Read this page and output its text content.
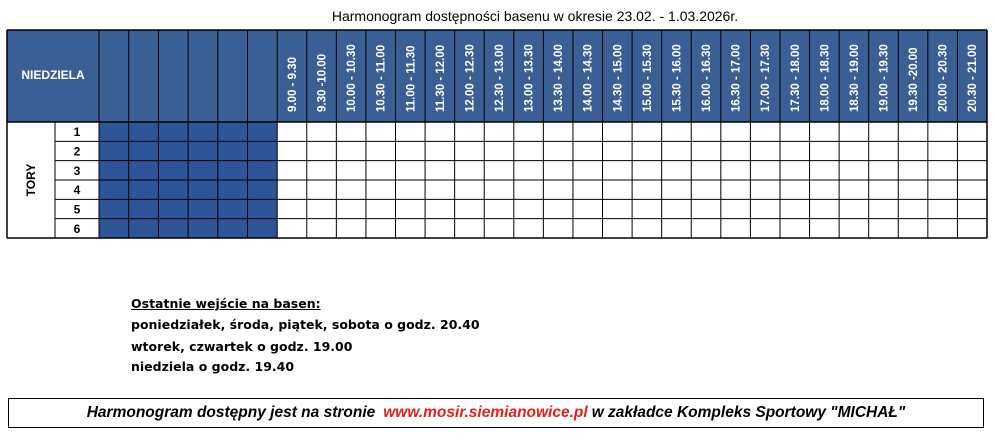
Harmonogram dostępności basenu w okresie 23.02. - 1.03.2026r.
NIEDZIELA	9.00 - 9.30 9.30 -10.00 10.00 - 10.30 10.30 - 11.00 11.00 - 11.30 11.30 - 12.00 12.00 - 12.30 12.30 - 13.00 13.00 - 13.30 13.30 - 14.00 14.00 - 14.30 14.30 - 15.00 15.00 - 15.30 15.30 - 16.00 16.00 - 16.30 16.30 - 17.00 17.00 - 17.30 17.30 - 18.00 18.00 - 18.30 18.30 - 19.00 19.00 - 19.30 19.30 -20.00 20.00 - 20.30 20.30 - 21.00
TORY
1
2
3
4
5
6
Ostatnie wejście na basen:
poniedziałek, środa, piątek, sobota o godz. 20.40
wtorek, czwartek o godz. 19.00
niedziela o godz. 19.40
Harmonogram dostępny jest na stronie www.mosir.siemianowice.pl w zakładce Kompleks Sportowy "MICHAŁ"
